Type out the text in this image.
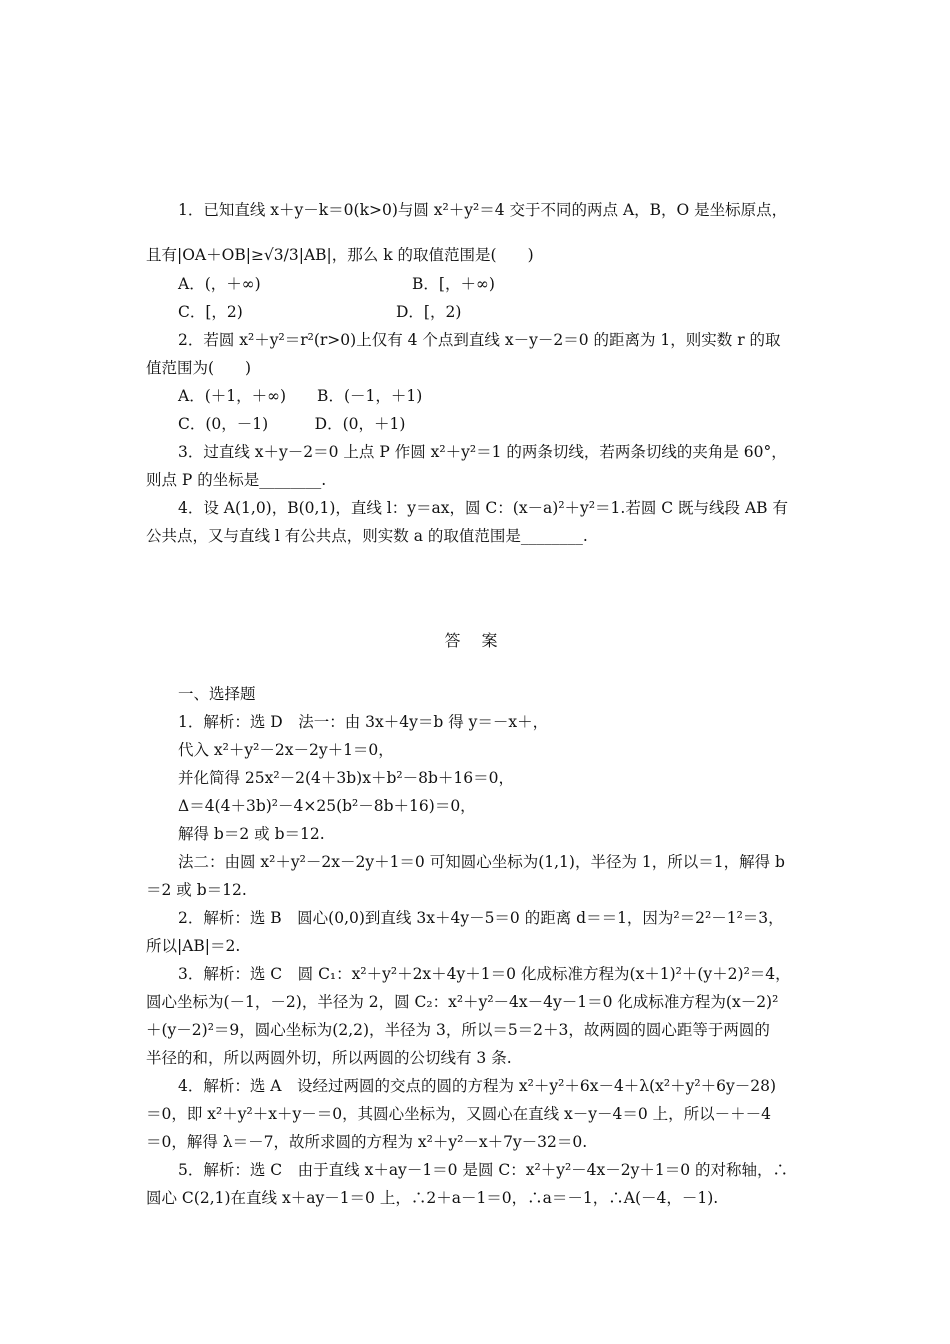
1．已知直线 x＋y－k＝0(k>0)与圆 x²＋y²＝4 交于不同的两点 A，B，O 是坐标原点，
且有|OA＋OB|≥√3/3|AB|，那么 k 的取值范围是(　　)
A．(，＋∞)	B．[，＋∞)
C．[，2)	D．[，2)
2．若圆 x²＋y²＝r²(r>0)上仅有 4 个点到直线 x－y－2＝0 的距离为 1，则实数 r 的取
值范围为(　　)
A．(＋1，＋∞)　　B．(－1，＋1)
C．(0，－1)　　　D．(0，＋1)
3．过直线 x＋y－2＝0 上点 P 作圆 x²＋y²＝1 的两条切线，若两条切线的夹角是 60°，
则点 P 的坐标是________.
4．设 A(1,0)，B(0,1)，直线 l：y＝ax，圆 C：(x－a)²＋y²＝1.若圆 C 既与线段 AB 有
公共点，又与直线 l 有公共点，则实数 a 的取值范围是________.
答 案
一、选择题
1．解析：选 D　法一：由 3x＋4y＝b 得 y＝－x＋，
代入 x²＋y²－2x－2y＋1＝0，
并化简得 25x²－2(4＋3b)x＋b²－8b＋16＝0，
Δ＝4(4＋3b)²－4×25(b²－8b＋16)＝0，
解得 b＝2 或 b＝12.
法二：由圆 x²＋y²－2x－2y＋1＝0 可知圆心坐标为(1,1)，半径为 1，所以＝1，解得 b
＝2 或 b＝12.
2．解析：选 B　圆心(0,0)到直线 3x＋4y－5＝0 的距离 d＝＝1，因为²＝2²－1²＝3，
所以|AB|＝2.
3．解析：选 C　圆 C₁：x²＋y²＋2x＋4y＋1＝0 化成标准方程为(x＋1)²＋(y＋2)²＝4，
圆心坐标为(－1，－2)，半径为 2，圆 C₂：x²＋y²－4x－4y－1＝0 化成标准方程为(x－2)²
＋(y－2)²＝9，圆心坐标为(2,2)，半径为 3，所以＝5＝2＋3，故两圆的圆心距等于两圆的
半径的和，所以两圆外切，所以两圆的公切线有 3 条.
4．解析：选 A　设经过两圆的交点的圆的方程为 x²＋y²＋6x－4＋λ(x²＋y²＋6y－28)
＝0，即 x²＋y²＋x＋y－＝0，其圆心坐标为，又圆心在直线 x－y－4＝0 上，所以－＋－4
＝0，解得 λ＝－7，故所求圆的方程为 x²＋y²－x＋7y－32＝0.
5．解析：选 C　由于直线 x＋ay－1＝0 是圆 C：x²＋y²－4x－2y＋1＝0 的对称轴，∴
圆心 C(2,1)在直线 x＋ay－1＝0 上，∴2＋a－1＝0，∴a＝－1，∴A(－4，－1).
